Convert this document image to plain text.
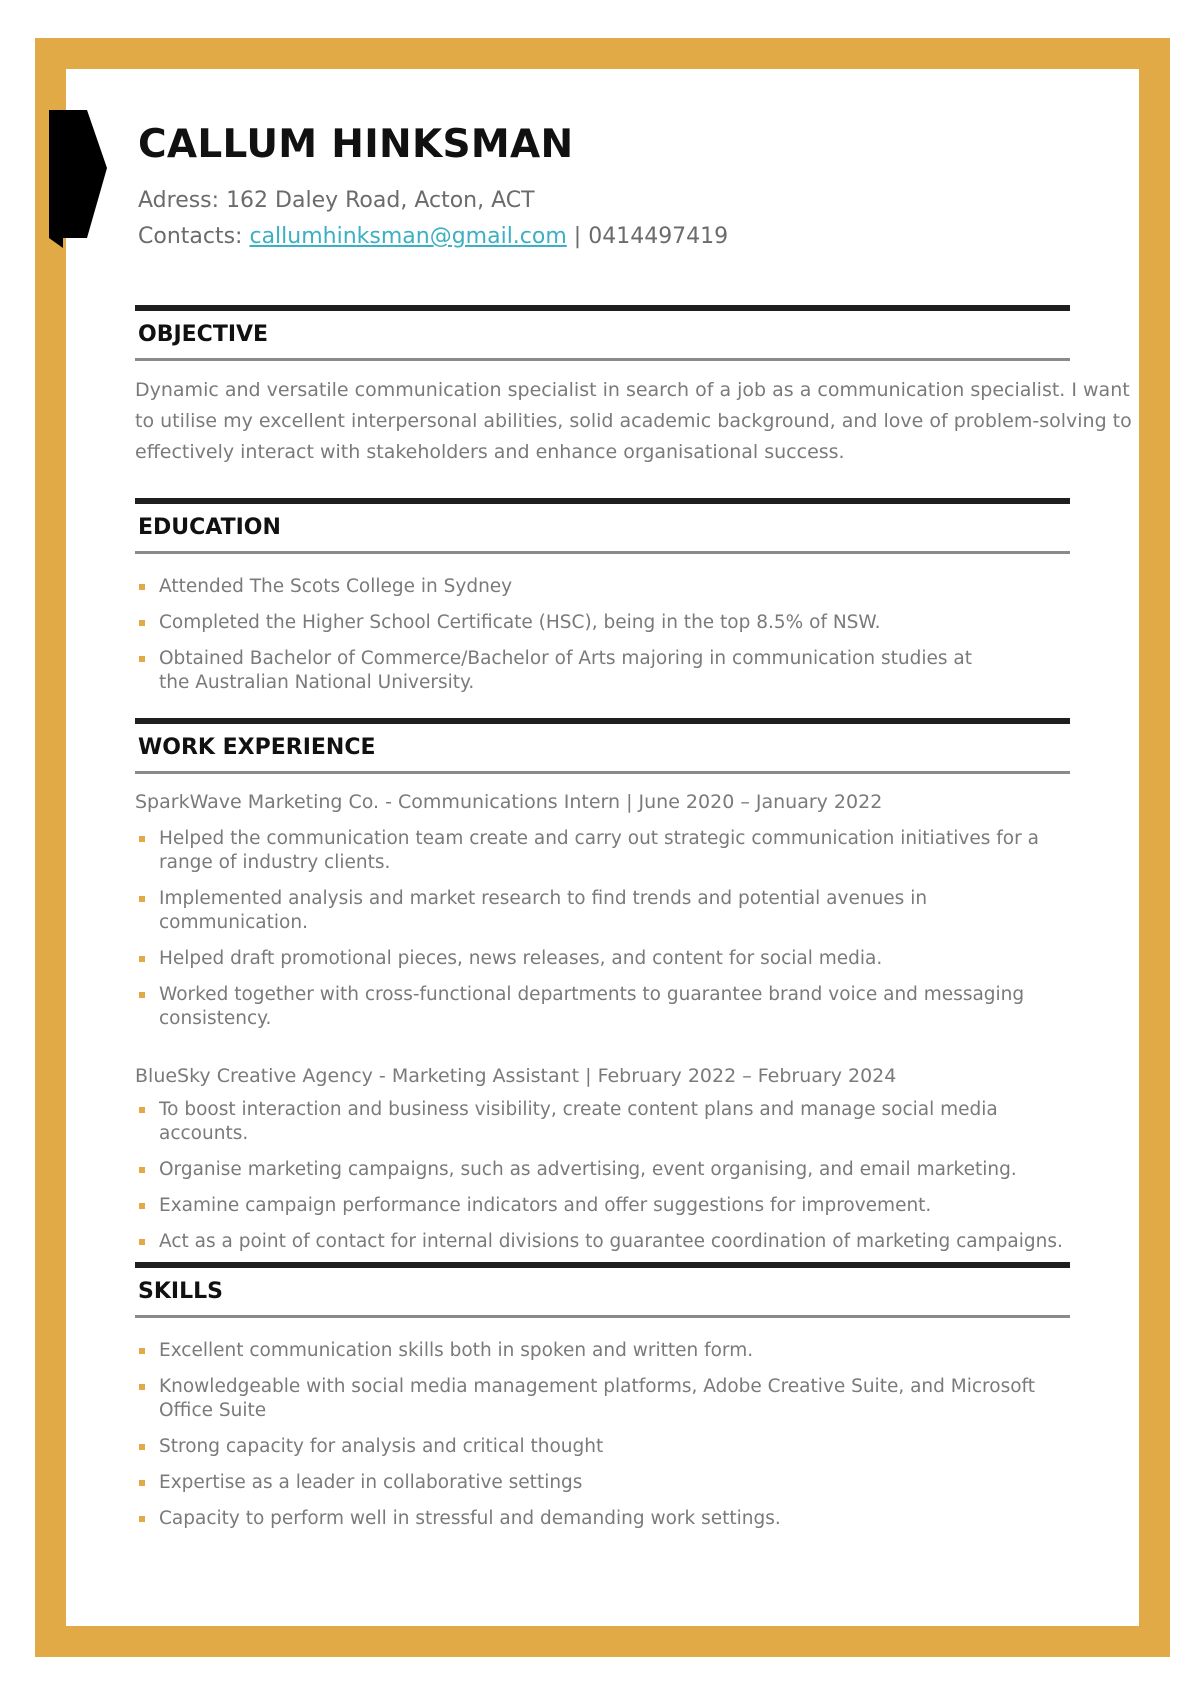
CALLUM HINKSMAN
Adress: 162 Daley Road, Acton, ACT
Contacts: callumhinksman@gmail.com | 0414497419
OBJECTIVE

Dynamic and versatile communication specialist in search of a job as a communication specialist. I want

to utilise my excellent interpersonal abilities, solid academic background, and love of problem-solving to

effectively interact with stakeholders and enhance organisational success.

EDUCATION
Attended The Scots College in Sydney
Completed the Higher School Certificate (HSC), being in the top 8.5% of NSW.
Obtained Bachelor of Commerce/Bachelor of Arts majoring in communication studies at the Australian National University.
WORK EXPERIENCE

SparkWave Marketing Co. - Communications Intern | June 2020 – January 2022

Helped the communication team create and carry out strategic communication initiatives for a range of industry clients.
Implemented analysis and market research to find trends and potential avenues in communication.
Helped draft promotional pieces, news releases, and content for social media.
Worked together with cross-functional departments to guarantee brand voice and messaging consistency.

BlueSky Creative Agency - Marketing Assistant | February 2022 – February 2024

To boost interaction and business visibility, create content plans and manage social media accounts.
Organise marketing campaigns, such as advertising, event organising, and email marketing.
Examine campaign performance indicators and offer suggestions for improvement.
Act as a point of contact for internal divisions to guarantee coordination of marketing campaigns.
SKILLS
Excellent communication skills both in spoken and written form.
Knowledgeable with social media management platforms, Adobe Creative Suite, and Microsoft Office Suite
Strong capacity for analysis and critical thought
Expertise as a leader in collaborative settings
Capacity to perform well in stressful and demanding work settings.
